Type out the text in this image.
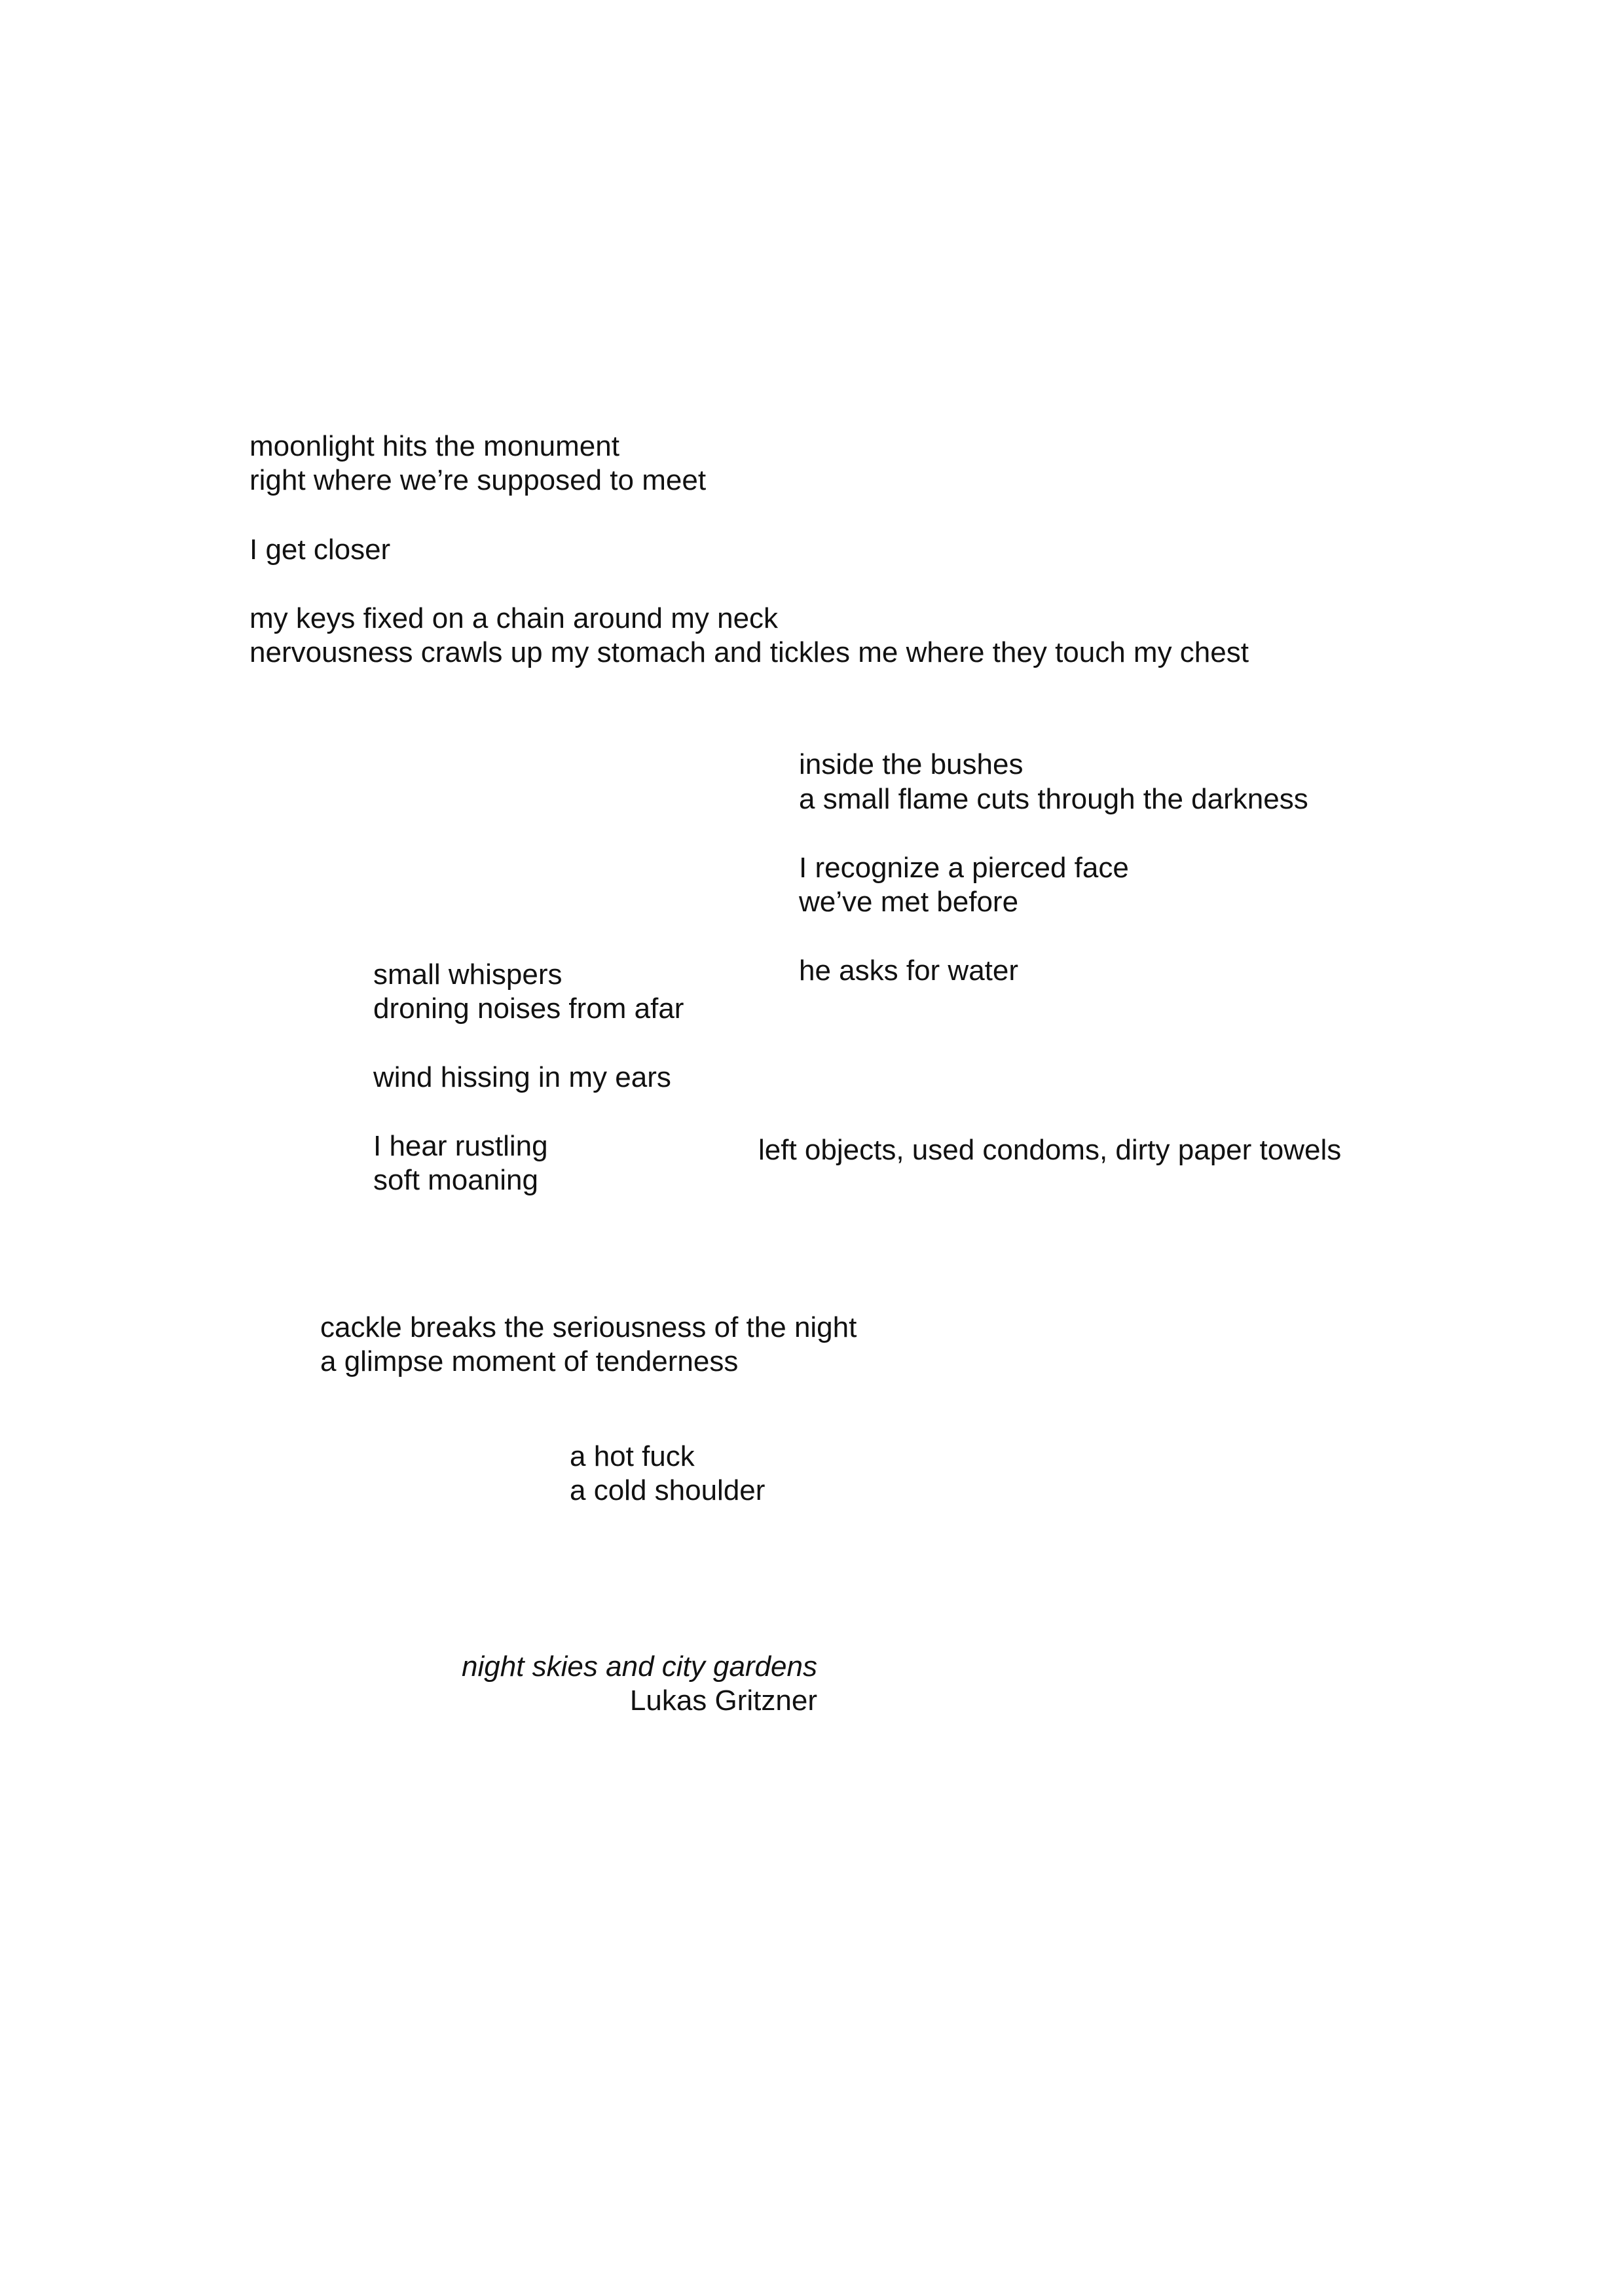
moonlight hits the monument

right where we’re supposed to meet

I get closer

my keys fixed on a chain around my neck

nervousness crawls up my stomach and tickles me where they touch my chest

inside the bushes

a small flame cuts through the darkness

I recognize a pierced face

we’ve met before

he asks for water

small whispers

droning noises from afar

wind hissing in my ears

I hear rustling

soft moaning

left objects, used condoms, dirty paper towels

cackle breaks the seriousness of the night

a glimpse moment of tenderness

a hot fuck

a cold shoulder

night skies and city gardens

Lukas Gritzner
